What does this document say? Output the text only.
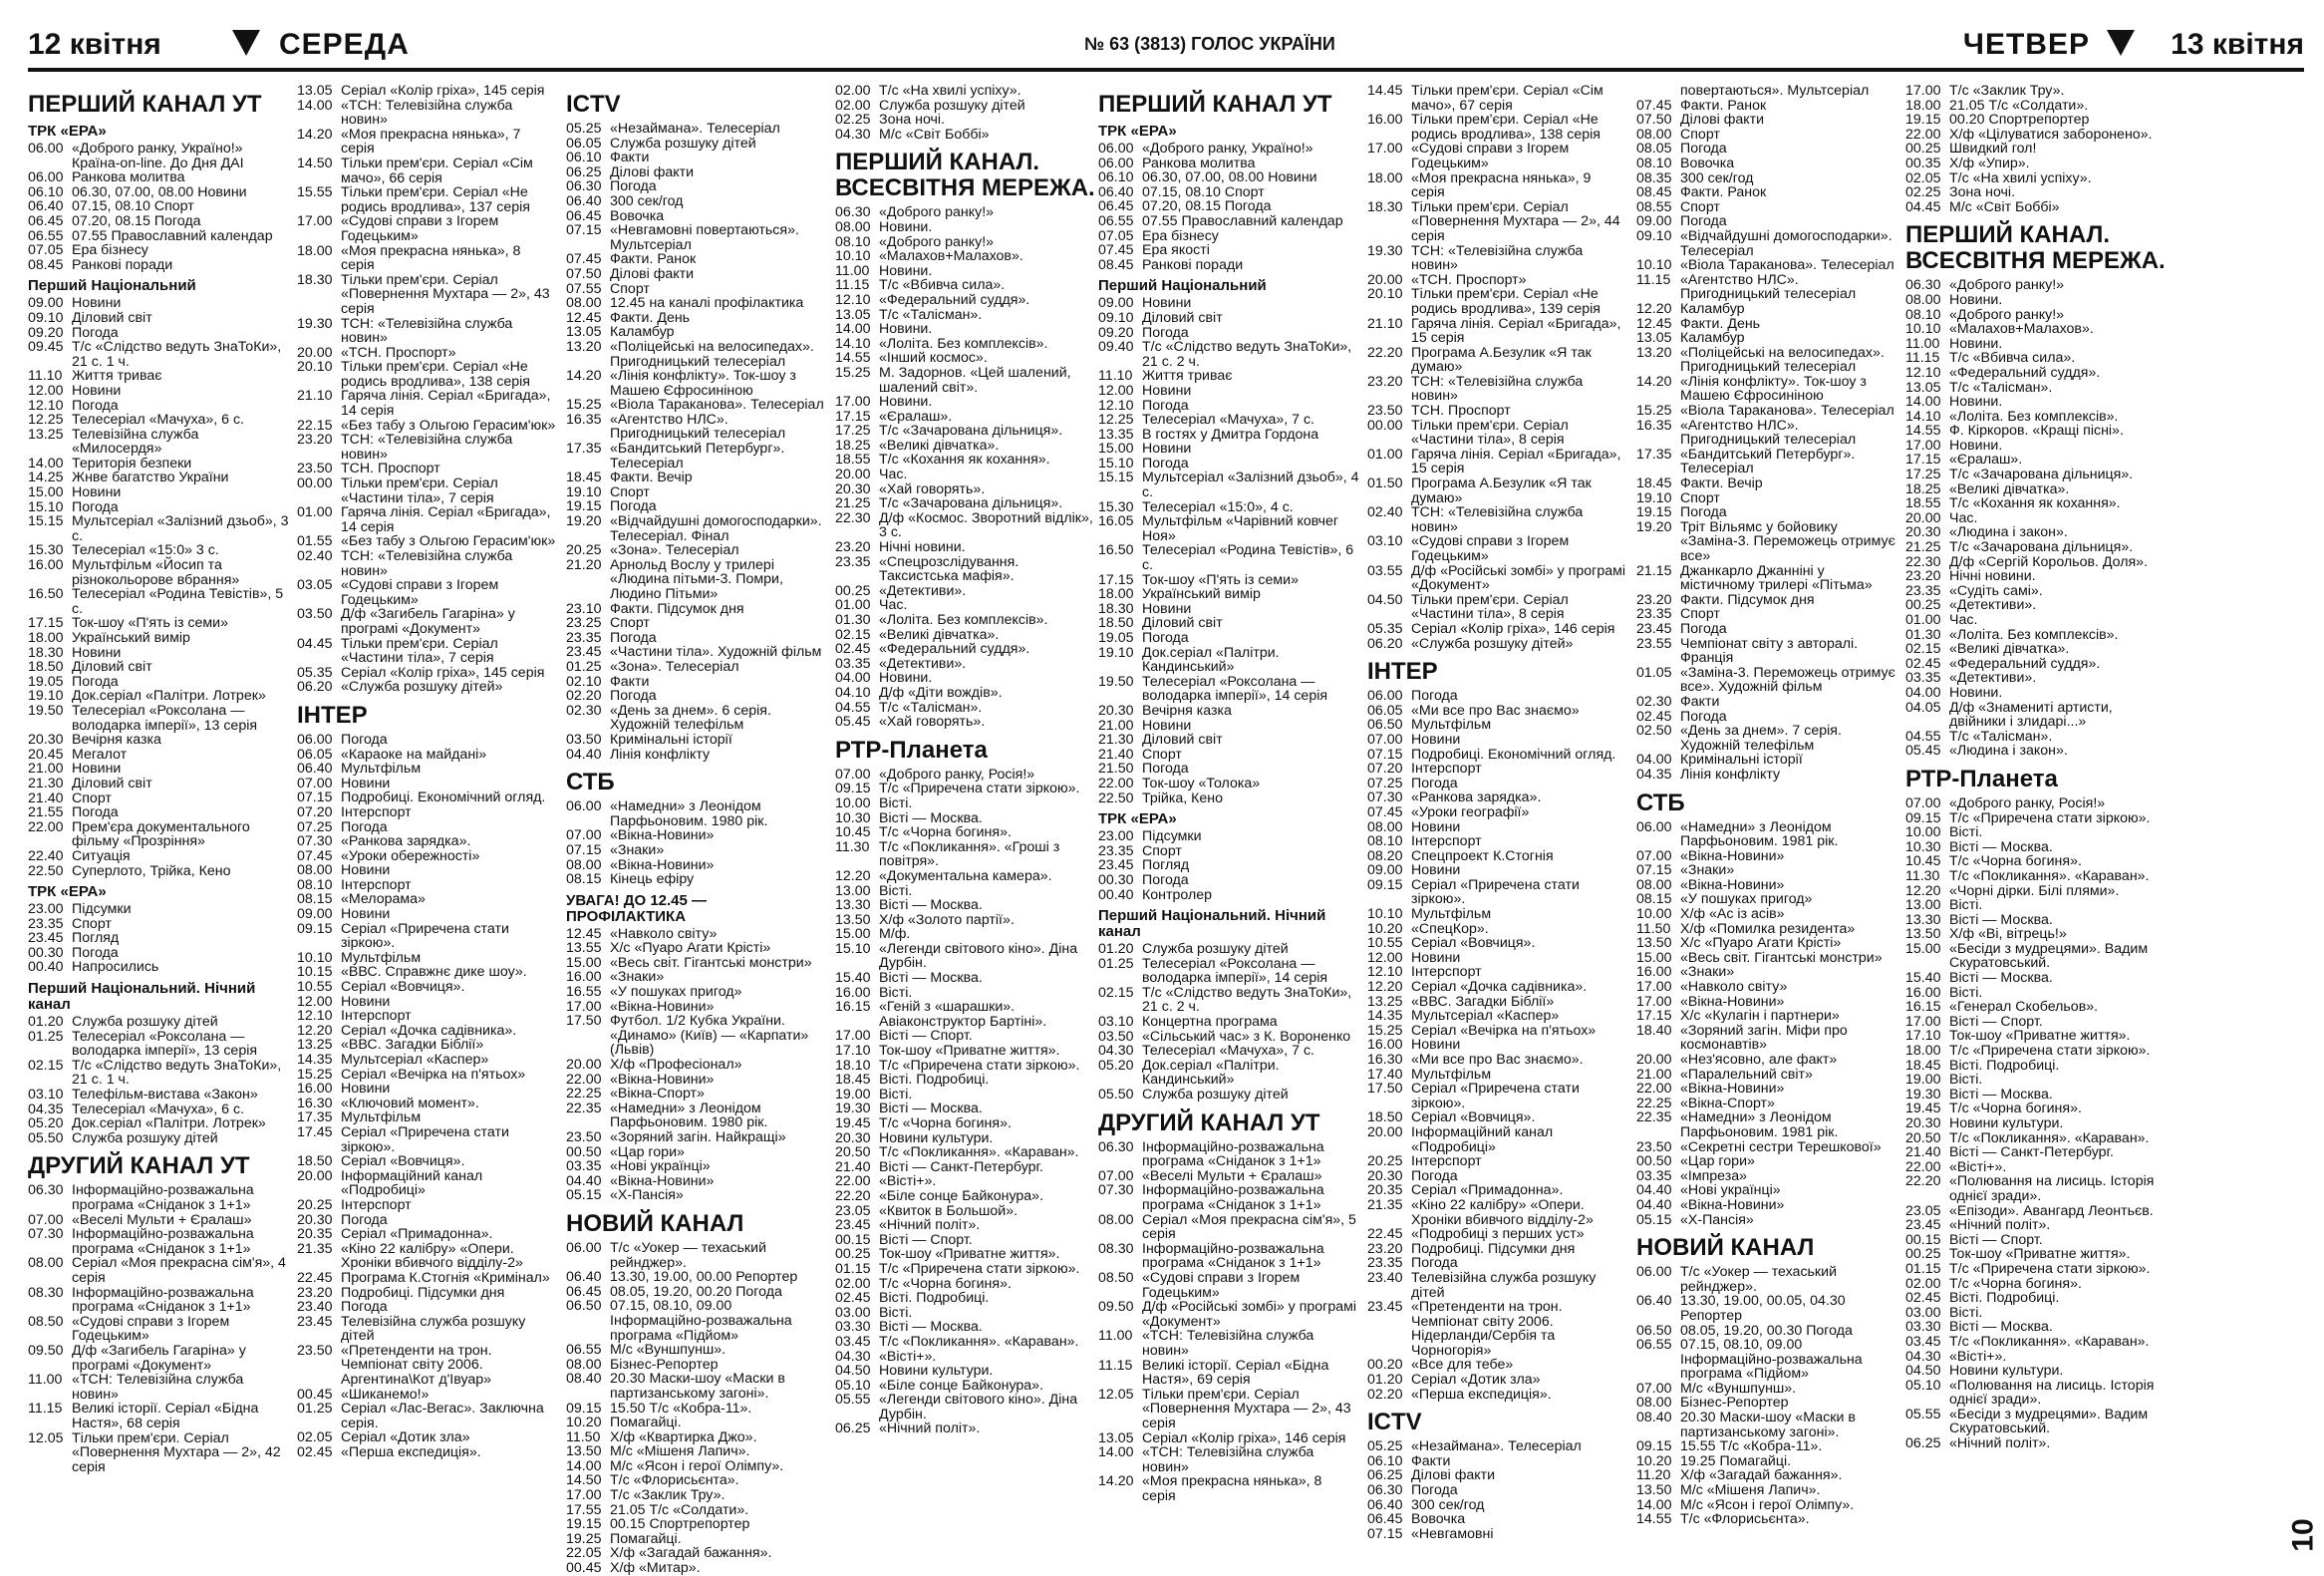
12 квітня	СЕРЕДА	№ 63 (3813) ГОЛОС УКРАЇНИ	ЧЕТВЕР	13 квітня
ПЕРШИЙ КАНАЛ УТ
ТРК «ЕРА»
06.00 «Доброго ранку, Україно!» Країна-on-line. До Дня ДАІ
06.00 Ранкова молитва
06.10 06.30, 07.00, 08.00 Новини
06.40 07.15, 08.10 Спорт
06.45 07.20, 08.15 Погода
06.55 07.55 Православний календар
07.05 Ера бізнесу
08.45 Ранкові поради
Перший Національний
09.00 Новини
09.10 Діловий світ
09.20 Погода
09.45 Т/с «Слідство ведуть ЗнаТоКи», 21 с. 1 ч.
11.10 Життя триває
12.00 Новини
12.10 Погода
12.25 Телесеріал «Мачуха», 6 с.
13.25 Телевізійна служба «Милосердя»
14.00 Територія безпеки
14.25 Жнве багатство України
15.00 Новини
15.10 Погода
15.15 Мультсеріал «Залізний дзьоб», 3 с.
15.30 Телесеріал «15:0» 3 с.
16.00 Мультфільм «Йосип та різнокольорове вбрання»
16.50 Телесеріал «Родина Тевістів», 5 с.
17.15 Ток-шоу «П'ять із семи»
18.00 Український вимір
18.30 Новини
18.50 Діловий світ
19.05 Погода
19.10 Док.серіал «Палітри. Лотрек»
19.50 Телесеріал «Роксолана — володарка імперії», 13 серія
20.30 Вечірня казка
20.45 Мегалот
21.00 Новини
21.30 Діловий світ
21.40 Спорт
21.55 Погода
22.00 Прем'єра документального фільму «Прозріння»
22.40 Ситуація
22.50 Суперлото, Трійка, Кено
ТРК «ЕРА»
23.00 Підсумки
23.35 Спорт
23.45 Погляд
00.30 Погода
00.40 Напросились
Перший Національний. Нічний канал
01.20 Служба розшуку дітей
01.25 Телесеріал «Роксолана — володарка імперії», 13 серія
02.15 Т/с «Слідство ведуть ЗнаТоКи», 21 с. 1 ч.
03.10 Телефільм-вистава «Закон»
04.35 Телесеріал «Мачуха», 6 с.
05.20 Док.серіал «Палітри. Лотрек»
05.50 Служба розшуку дітей
ДРУГИЙ КАНАЛ УТ
06.30 Інформаційно-розважальна програма «Сніданок з 1+1»
07.00 «Веселі Мульти + Єралаш»
07.30 Інформаційно-розважальна програма «Сніданок з 1+1»
08.00 Серіал «Моя прекрасна сім'я», 4 серія
08.30 Інформаційно-розважальна програма «Сніданок з 1+1»
08.50 «Судові справи з Ігорем Годецьким»
09.50 Д/ф «Загибель Гагаріна» у програмі «Документ»
11.00 «ТСН: Телевізійна служба новин»
11.15 Великі історії. Серіал «Бідна Настя», 68 серія
12.05 Тільки прем'єри. Серіал «Повернення Мухтара — 2», 42 серія
13.05 Серіал «Колір гріха», 145 серія
14.00 «ТСН: Телевізійна служба новин»
14.20 «Моя прекрасна нянька», 7 серія
14.50 Тільки прем'єри. Серіал «Сім мачо», 66 серія
15.55 Тільки прем'єри. Серіал «Не родись вродлива», 137 серія
17.00 «Судові справи з Ігорем Годецьким»
18.00 «Моя прекрасна нянька», 8 серія
18.30 Тільки прем'єри. Серіал «Повернення Мухтара — 2», 43 серія
19.30 ТСН: «Телевізійна служба новин»
20.00 «ТСН. Проспорт»
20.10 Тільки прем'єри. Серіал «Не родись вродлива», 138 серія
21.10 Гаряча лінія. Серіал «Бригада», 14 серія
22.15 «Без табу з Ольгою Герасим'юк»
23.20 ТСН: «Телевізійна служба новин»
23.50 ТСН. Проспорт
00.00 Тільки прем'єри. Серіал «Частини тіла», 7 серія
01.00 Гаряча лінія. Серіал «Бригада», 14 серія
01.55 «Без табу з Ольгою Герасим'юк»
02.40 ТСН: «Телевізійна служба новин»
03.05 «Судові справи з Ігорем Годецьким»
03.50 Д/ф «Загибель Гагаріна» у програмі «Документ»
04.45 Тільки прем'єри. Серіал «Частини тіла», 7 серія
05.35 Серіал «Колір гріха», 145 серія
06.20 «Служба розшуку дітей»
ІНТЕР
06.00 Погода
06.05 «Караоке на майдані»
06.40 Мультфільм
07.00 Новини
07.15 Подробиці. Економічний огляд.
07.20 Інтерспорт
07.25 Погода
07.30 «Ранкова зарядка».
07.45 «Уроки обережності»
08.00 Новини
08.10 Інтерспорт
08.15 «Мелорама»
09.00 Новини
09.15 Серіал «Приречена стати зіркою».
10.10 Мультфільм
10.15 «ВВС. Справжнє дике шоу».
10.55 Серіал «Вовчиця».
12.00 Новини
12.10 Інтерспорт
12.20 Серіал «Дочка садівника».
13.25 «ВВС. Загадки Біблії»
14.35 Мультсеріал «Каспер»
15.25 Серіал «Вечірка на п'ятьох»
16.00 Новини
16.30 «Ключовий момент».
17.35 Мультфільм
17.45 Серіал «Приречена стати зіркою».
18.50 Серіал «Вовчиця».
20.00 Інформаційний канал «Подробиці»
20.25 Інтерспорт
20.30 Погода
20.35 Серіал «Примадонна».
21.35 «Кіно 22 калібру» «Опери. Хроніки вбивчого відділу-2»
22.45 Програма К.Стогнія «Кримінал»
23.20 Подробиці. Підсумки дня
23.40 Погода
23.45 Телевізійна служба розшуку дітей
23.50 «Претенденти на трон. Чемпіонат світу 2006. Аргентина\Кот д'Івуар»
00.45 «Шиканемо!»
01.25 Серіал «Лас-Вегас». Заключна серія.
02.05 Серіал «Дотик зла»
02.45 «Перша експедиція».
ICTV
05.25 «Незаймана». Телесеріал
06.05 Служба розшуку дітей
06.10 Факти
06.25 Ділові факти
06.30 Погода
06.40 300 сек/год
06.45 Вовочка
07.15 «Невгамовні повертаються». Мультсеріал
07.45 Факти. Ранок
07.50 Ділові факти
07.55 Спорт
08.00 12.45 на каналі профілактика
12.45 Факти. День
13.05 Каламбур
13.20 «Поліцейські на велосипедах». Пригодницький телесеріал
14.20 «Лінія конфлікту». Ток-шоу з Машею Єфросиніною
15.25 «Віола Тараканова». Телесеріал
16.35 «Агентство НЛС». Пригодницький телесеріал
17.35 «Бандитський Петербург». Телесеріал
18.45 Факти. Вечір
19.10 Спорт
19.15 Погода
19.20 «Відчайдушні домогосподарки». Телесеріал. Фінал
20.25 «Зона». Телесеріал
21.20 Арнольд Вослу у трилері «Людина пітьми-3. Помри, Людино Пітьми»
23.10 Факти. Підсумок дня
23.25 Спорт
23.35 Погода
23.45 «Частини тіла». Художній фільм
01.25 «Зона». Телесеріал
02.10 Факти
02.20 Погода
02.30 «День за днем». 6 серія. Художній телефільм
03.50 Кримінальні історії
04.40 Лінія конфлікту
СТБ
06.00 «Намедни» з Леонідом Парфьоновим. 1980 рік.
07.00 «Вікна-Новини»
07.15 «Знаки»
08.00 «Вікна-Новини»
08.15 Кінець ефіру
УВАГА! ДО 12.45 — ПРОФІЛАКТИКА
12.45 «Навколо світу»
13.55 Х/с «Пуаро Агати Крісті»
15.00 «Весь світ. Гігантські монстри»
16.00 «Знаки»
16.55 «У пошуках пригод»
17.00 «Вікна-Новини»
17.50 Футбол. 1/2 Кубка України. «Динамо» (Київ) — «Карпати» (Львів)
20.00 Х/ф «Професіонал»
22.00 «Вікна-Новини»
22.25 «Вікна-Спорт»
22.35 «Намедни» з Леонідом Парфьоновим. 1980 рік.
23.50 «Зоряний загін. Найкращі»
00.50 «Цар гори»
03.35 «Нові українці»
04.40 «Вікна-Новини»
05.15 «Х-Пансія»
НОВИЙ КАНАЛ
06.00 Т/с «Уокер — техаський рейнджер».
06.40 13.30, 19.00, 00.00 Репортер
06.45 08.05, 19.20, 00.20 Погода
06.50 07.15, 08.10, 09.00 Інформаційно-розважальна програма «Підйом»
06.55 М/с «Вуншпунш».
08.00 Бізнес-Репортер
08.40 20.30 Маски-шоу «Маски в партизанському загоні».
09.15 15.50 Т/с «Кобра-11».
10.20 Помагайці.
11.50 Х/ф «Квартирка Джо».
13.50 М/с «Мішеня Лапич».
14.00 М/с «Ясон і герої Олімпу».
14.50 Т/с «Флорисьєнта».
17.00 Т/с «Заклик Тру».
17.55 21.05 Т/с «Солдати».
19.15 00.15 Спортрепортер
19.25 Помагайці.
22.05 Х/ф «Загадай бажання».
00.45 Х/ф «Митар».
02.00 Т/с «На хвилі успіху».
02.00 Служба розшуку дітей
02.25 Зона ночі.
04.30 М/с «Світ Боббі»
ПЕРШИЙ КАНАЛ. ВСЕСВІТНЯ МЕРЕЖА.
06.30 «Доброго ранку!»
08.00 Новини.
08.10 «Доброго ранку!»
10.10 «Малахов+Малахов».
11.00 Новини.
11.15 Т/с «Вбивча сила».
12.10 «Федеральний суддя».
13.05 Т/с «Талісман».
14.00 Новини.
14.10 «Лоліта. Без комплексів».
14.55 «Інший космос».
15.25 М. Задорнов. «Цей шалений, шалений світ».
17.00 Новини.
17.15 «Єралаш».
17.25 Т/с «Зачарована дільниця».
18.25 «Великі дівчатка».
18.55 Т/с «Кохання як кохання».
20.00 Час.
20.30 «Хай говорять».
21.25 Т/с «Зачарована дільниця».
22.30 Д/ф «Космос. Зворотний відлік», 3 с.
23.20 Нічні новини.
23.35 «Спецрозслідування. Таксистська мафія».
00.25 «Детективи».
01.00 Час.
01.30 «Лоліта. Без комплексів».
02.15 «Великі дівчатка».
02.45 «Федеральний суддя».
03.35 «Детективи».
04.00 Новини.
04.10 Д/ф «Діти вождів».
04.55 Т/с «Талісман».
05.45 «Хай говорять».
РТР-Планета
07.00 «Доброго ранку, Росія!»
09.15 Т/с «Приречена стати зіркою».
10.00 Вісті.
10.30 Вісті — Москва.
10.45 Т/с «Чорна богиня».
11.30 Т/с «Покликання». «Гроші з повітря».
12.20 «Документальна камера».
13.00 Вісті.
13.30 Вісті — Москва.
13.50 Х/ф «Золото партії».
15.00 М/ф.
15.10 «Легенди світового кіно». Діна Дурбін.
15.40 Вісті — Москва.
16.00 Вісті.
16.15 «Геній з «шарашки». Авіаконструктор Бартіні».
17.00 Вісті — Спорт.
17.10 Ток-шоу «Приватне життя».
18.10 Т/с «Приречена стати зіркою».
18.45 Вісті. Подробиці.
19.00 Вісті.
19.30 Вісті — Москва.
19.45 Т/с «Чорна богиня».
20.30 Новини культури.
20.50 Т/с «Покликання». «Караван».
21.40 Вісті — Санкт-Петербург.
22.00 «Вісті+».
22.20 «Біле сонце Байконура».
23.05 «Квиток в Большой».
23.45 «Нічний політ».
00.15 Вісті — Спорт.
00.25 Ток-шоу «Приватне життя».
01.15 Т/с «Приречена стати зіркою».
02.00 Т/с «Чорна богиня».
02.45 Вісті. Подробиці.
03.00 Вісті.
03.30 Вісті — Москва.
03.45 Т/с «Покликання». «Караван».
04.30 «Вісті+».
04.50 Новини культури.
05.10 «Біле сонце Байконура».
05.55 «Легенди світового кіно». Діна Дурбін.
06.25 «Нічний політ».
ПЕРШИЙ КАНАЛ УТ
ТРК «ЕРА»
06.00 «Доброго ранку, Україно!»
06.00 Ранкова молитва
06.10 06.30, 07.00, 08.00 Новини
06.40 07.15, 08.10 Спорт
06.45 07.20, 08.15 Погода
06.55 07.55 Православний календар
07.05 Ера бізнесу
07.45 Ера якості
08.45 Ранкові поради
Перший Національний
09.00 Новини
09.10 Діловий світ
09.20 Погода
09.40 Т/с «Слідство ведуть ЗнаТоКи», 21 с. 2 ч.
11.10 Життя триває
12.00 Новини
12.10 Погода
12.25 Телесеріал «Мачуха», 7 с.
13.35 В гостях у Дмитра Гордона
15.00 Новини
15.10 Погода
15.15 Мультсеріал «Залізний дзьоб», 4 с.
15.30 Телесеріал «15:0», 4 с.
16.05 Мультфільм «Чарівний ковчег Ноя»
16.50 Телесеріал «Родина Тевістів», 6 с.
17.15 Ток-шоу «П'ять із семи»
18.00 Український вимір
18.30 Новини
18.50 Діловий світ
19.05 Погода
19.10 Док.серіал «Палітри. Кандинський»
19.50 Телесеріал «Роксолана — володарка імперії», 14 серія
20.30 Вечірня казка
21.00 Новини
21.30 Діловий світ
21.40 Спорт
21.50 Погода
22.00 Ток-шоу «Толока»
22.50 Трійка, Кено
ТРК «ЕРА»
23.00 Підсумки
23.35 Спорт
23.45 Погляд
00.30 Погода
00.40 Контролер
Перший Національний. Нічний канал
01.20 Служба розшуку дітей
01.25 Телесеріал «Роксолана — володарка імперії», 14 серія
02.15 Т/с «Слідство ведуть ЗнаТоКи», 21 с. 2 ч.
03.10 Концертна програма
03.50 «Сільський час» з К. Вороненко
04.30 Телесеріал «Мачуха», 7 с.
05.20 Док.серіал «Палітри. Кандинський»
05.50 Служба розшуку дітей
ДРУГИЙ КАНАЛ УТ
06.30 Інформаційно-розважальна програма «Сніданок з 1+1»
07.00 «Веселі Мульти + Єралаш»
07.30 Інформаційно-розважальна програма «Сніданок з 1+1»
08.00 Серіал «Моя прекрасна сім'я», 5 серія
08.30 Інформаційно-розважальна програма «Сніданок з 1+1»
08.50 «Судові справи з Ігорем Годецьким»
09.50 Д/ф «Російські зомбі» у програмі «Документ»
11.00 «ТСН: Телевізійна служба новин»
11.15 Великі історії. Серіал «Бідна Настя», 69 серія
12.05 Тільки прем'єри. Серіал «Повернення Мухтара — 2», 43 серія
13.05 Серіал «Колір гріха», 146 серія
14.00 «ТСН: Телевізійна служба новин»
14.20 «Моя прекрасна нянька», 8 серія
14.45 Тільки прем'єри. Серіал «Сім мачо», 67 серія
16.00 Тільки прем'єри. Серіал «Не родись вродлива», 138 серія
17.00 «Судові справи з Ігорем Годецьким»
18.00 «Моя прекрасна нянька», 9 серія
18.30 Тільки прем'єри. Серіал «Повернення Мухтара — 2», 44 серія
19.30 ТСН: «Телевізійна служба новин»
20.00 «ТСН. Проспорт»
20.10 Тільки прем'єри. Серіал «Не родись вродлива», 139 серія
21.10 Гаряча лінія. Серіал «Бригада», 15 серія
22.20 Програма А.Безулик «Я так думаю»
23.20 ТСН: «Телевізійна служба новин»
23.50 ТСН. Проспорт
00.00 Тільки прем'єри. Серіал «Частини тіла», 8 серія
01.00 Гаряча лінія. Серіал «Бригада», 15 серія
01.50 Програма А.Безулик «Я так думаю»
02.40 ТСН: «Телевізійна служба новин»
03.10 «Судові справи з Ігорем Годецьким»
03.55 Д/ф «Російські зомбі» у програмі «Документ»
04.50 Тільки прем'єри. Серіал «Частини тіла», 8 серія
05.35 Серіал «Колір гріха», 146 серія
06.20 «Служба розшуку дітей»
ІНТЕР
06.00 Погода
06.05 «Ми все про Вас знаємо»
06.50 Мультфільм
07.00 Новини
07.15 Подробиці. Економічний огляд.
07.20 Інтерспорт
07.25 Погода
07.30 «Ранкова зарядка».
07.45 «Уроки географії»
08.00 Новини
08.10 Інтерспорт
08.20 Спецпроект К.Стогнія
09.00 Новини
09.15 Серіал «Приречена стати зіркою».
10.10 Мультфільм
10.20 «СпецКор».
10.55 Серіал «Вовчиця».
12.00 Новини
12.10 Інтерспорт
12.20 Серіал «Дочка садівника».
13.25 «ВВС. Загадки Біблії»
14.35 Мультсеріал «Каспер»
15.25 Серіал «Вечірка на п'ятьох»
16.00 Новини
16.30 «Ми все про Вас знаємо».
17.40 Мультфільм
17.50 Серіал «Приречена стати зіркою».
18.50 Серіал «Вовчиця».
20.00 Інформаційний канал «Подробиці»
20.25 Інтерспорт
20.30 Погода
20.35 Серіал «Примадонна».
21.35 «Кіно 22 калібру» «Опери. Хроніки вбивчого відділу-2»
22.45 «Подробиці з перших уст»
23.20 Подробиці. Підсумки дня
23.35 Погода
23.40 Телевізійна служба розшуку дітей
23.45 «Претенденти на трон. Чемпіонат світу 2006. Нідерланди/Сербія та Чорногорія»
00.20 «Все для тебе»
01.20 Серіал «Дотик зла»
02.20 «Перша експедиція».
ICTV
05.25 «Незаймана». Телесеріал
06.10 Факти
06.25 Ділові факти
06.30 Погода
06.40 300 сек/год
06.45 Вовочка
07.15 «Невгамовні
повертаються». Мультсеріал
07.45 Факти. Ранок
07.50 Ділові факти
08.00 Спорт
08.05 Погода
08.10 Вовочка
08.35 300 сек/год
08.45 Факти. Ранок
08.55 Спорт
09.00 Погода
09.10 «Відчайдушні домогосподарки». Телесеріал
10.10 «Віола Тараканова». Телесеріал
11.15 «Агентство НЛС». Пригодницький телесеріал
12.20 Каламбур
12.45 Факти. День
13.05 Каламбур
13.20 «Поліцейські на велосипедах». Пригодницький телесеріал
14.20 «Лінія конфлікту». Ток-шоу з Машею Єфросиніною
15.25 «Віола Тараканова». Телесеріал
16.35 «Агентство НЛС». Пригодницький телесеріал
17.35 «Бандитський Петербург». Телесеріал
18.45 Факти. Вечір
19.10 Спорт
19.15 Погода
19.20 Тріт Вільямс у бойовику «Заміна-3. Переможець отримує все»
21.15 Джанкарло Джанніні у містичному трилері «Пітьма»
23.20 Факти. Підсумок дня
23.35 Спорт
23.45 Погода
23.55 Чемпіонат світу з авторалі. Франція
01.05 «Заміна-3. Переможець отримує все». Художній фільм
02.30 Факти
02.45 Погода
02.50 «День за днем». 7 серія. Художній телефільм
04.00 Кримінальні історії
04.35 Лінія конфлікту
СТБ
06.00 «Намедни» з Леонідом Парфьоновим. 1981 рік.
07.00 «Вікна-Новини»
07.15 «Знаки»
08.00 «Вікна-Новини»
08.15 «У пошуках пригод»
10.00 Х/ф «Ас із асів»
11.50 Х/ф «Помилка резидента»
13.50 Х/с «Пуаро Агати Крісті»
15.00 «Весь світ. Гігантські монстри»
16.00 «Знаки»
17.00 «Навколо світу»
17.00 «Вікна-Новини»
17.15 Х/с «Кулагін і партнери»
18.40 «Зоряний загін. Міфи про космонавтів»
20.00 «Нез'ясовно, але факт»
21.00 «Паралельний світ»
22.00 «Вікна-Новини»
22.25 «Вікна-Спорт»
22.35 «Намедни» з Леонідом Парфьоновим. 1981 рік.
23.50 «Секретні сестри Терешкової»
00.50 «Цар гори»
03.35 «Імпреза»
04.40 «Нові українці»
04.40 «Вікна-Новини»
05.15 «Х-Пансія»
НОВИЙ КАНАЛ
06.00 Т/с «Уокер — техаський рейнджер».
06.40 13.30, 19.00, 00.05, 04.30 Репортер
06.50 08.05, 19.20, 00.30 Погода
06.55 07.15, 08.10, 09.00 Інформаційно-розважальна програма «Підйом»
07.00 М/с «Вуншпунш».
08.00 Бізнес-Репортер
08.40 20.30 Маски-шоу «Маски в партизанському загоні».
09.15 15.55 Т/с «Кобра-11».
10.20 19.25 Помагайці.
11.20 Х/ф «Загадай бажання».
13.50 М/с «Мішеня Лапич».
14.00 М/с «Ясон і герої Олімпу».
14.55 Т/с «Флорисьєнта».
17.00 Т/с «Заклик Тру».
18.00 21.05 Т/с «Солдати».
19.15 00.20 Спортрепортер
22.00 Х/ф «Цілуватися заборонено».
00.25 Швидкий гол!
00.35 Х/ф «Упир».
02.05 Т/с «На хвилі успіху».
02.25 Зона ночі.
04.45 М/с «Світ Боббі»
ПЕРШИЙ КАНАЛ. ВСЕСВІТНЯ МЕРЕЖА.
06.30 «Доброго ранку!»
08.00 Новини.
08.10 «Доброго ранку!»
10.10 «Малахов+Малахов».
11.00 Новини.
11.15 Т/с «Вбивча сила».
12.10 «Федеральний суддя».
13.05 Т/с «Талісман».
14.00 Новини.
14.10 «Лоліта. Без комплексів».
14.55 Ф. Кіркоров. «Кращі пісні».
17.00 Новини.
17.15 «Єралаш».
17.25 Т/с «Зачарована дільниця».
18.25 «Великі дівчатка».
18.55 Т/с «Кохання як кохання».
20.00 Час.
20.30 «Людина і закон».
21.25 Т/с «Зачарована дільниця».
22.30 Д/ф «Сергій Корольов. Доля».
23.20 Нічні новини.
23.35 «Судіть самі».
00.25 «Детективи».
01.00 Час.
01.30 «Лоліта. Без комплексів».
02.15 «Великі дівчатка».
02.45 «Федеральний суддя».
03.35 «Детективи».
04.00 Новини.
04.05 Д/ф «Знамениті артисти, двійники і злидарі...»
04.55 Т/с «Талісман».
05.45 «Людина і закон».
РТР-Планета
07.00 «Доброго ранку, Росія!»
09.15 Т/с «Приречена стати зіркою».
10.00 Вісті.
10.30 Вісті — Москва.
10.45 Т/с «Чорна богиня».
11.30 Т/с «Покликання». «Караван».
12.20 «Чорні дірки. Білі плями».
13.00 Вісті.
13.30 Вісті — Москва.
13.50 Х/ф «Ві, вітрець!»
15.00 «Бесіди з мудрецями». Вадим Скуратовський.
15.40 Вісті — Москва.
16.00 Вісті.
16.15 «Генерал Скобельов».
17.00 Вісті — Спорт.
17.10 Ток-шоу «Приватне життя».
18.00 Т/с «Приречена стати зіркою».
18.45 Вісті. Подробиці.
19.00 Вісті.
19.30 Вісті — Москва.
19.45 Т/с «Чорна богиня».
20.30 Новини культури.
20.50 Т/с «Покликання». «Караван».
21.40 Вісті — Санкт-Петербург.
22.00 «Вісті+».
22.20 «Полювання на лисиць. Історія однієї зради».
23.05 «Епізоди». Авангард Леонтьєв.
23.45 «Нічний політ».
00.15 Вісті — Спорт.
00.25 Ток-шоу «Приватне життя».
01.15 Т/с «Приречена стати зіркою».
02.00 Т/с «Чорна богиня».
02.45 Вісті. Подробиці.
03.00 Вісті.
03.30 Вісті — Москва.
03.45 Т/с «Покликання». «Караван».
04.30 «Вісті+».
04.50 Новини культури.
05.10 «Полювання на лисиць. Історія однієї зради».
05.55 «Бесіди з мудрецями». Вадим Скуратовський.
06.25 «Нічний політ».
10
